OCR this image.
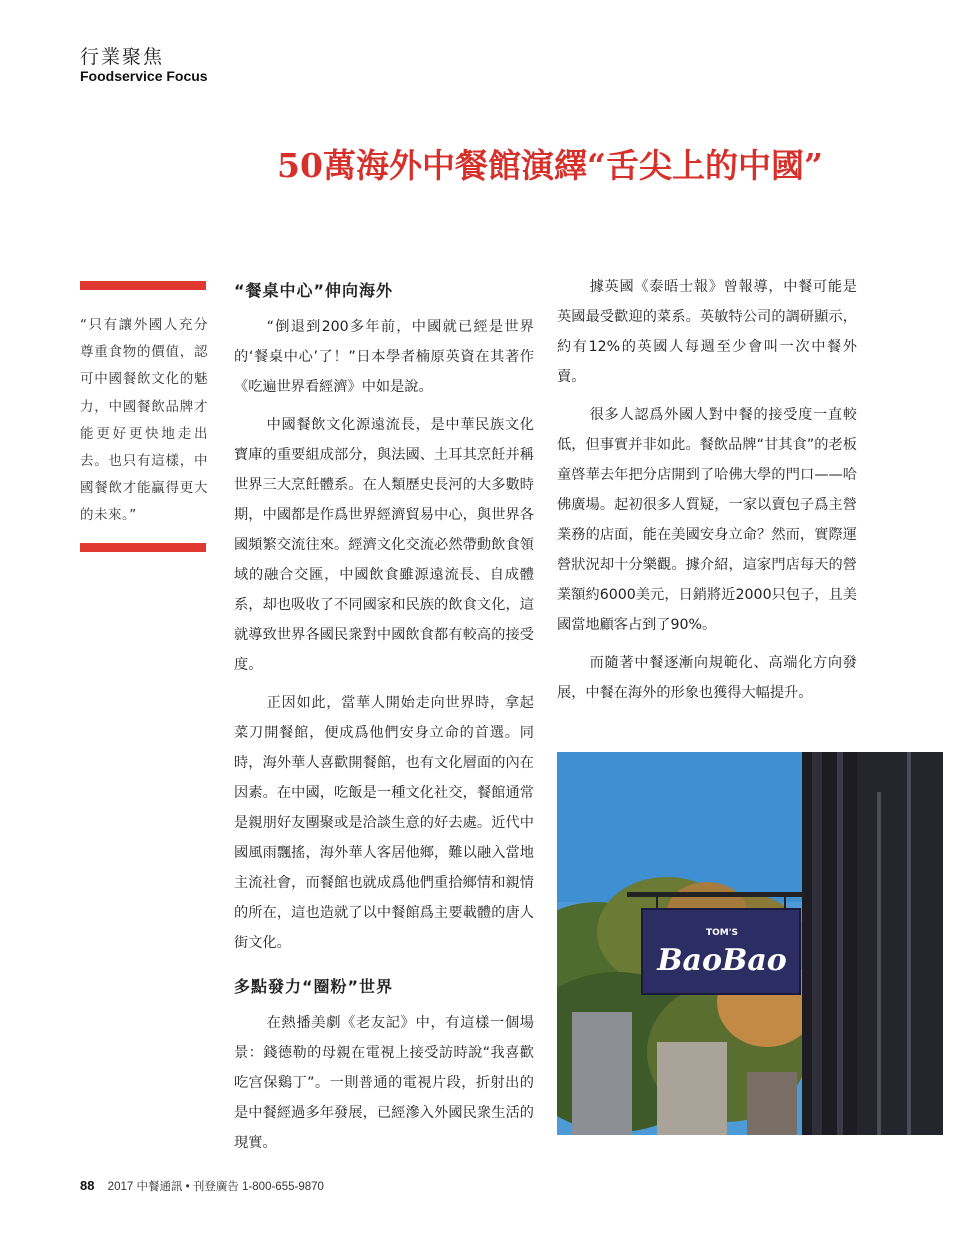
行業聚焦
Foodservice Focus
50萬海外中餐館演繹“舌尖上的中國”
“只有讓外國人充分尊重食物的價值，認可中國餐飲文化的魅力，中國餐飲品牌才能更好更快地走出去。也只有這樣，中國餐飲才能贏得更大的未來。”

“餐桌中心”伸向海外

“倒退到200多年前，中國就已經是世界的‘餐桌中心’了！”日本學者楠原英資在其著作《吃遍世界看經濟》中如是說。

中國餐飲文化源遠流長，是中華民族文化寶庫的重要組成部分，與法國、土耳其烹飪并稱世界三大烹飪體系。在人類歷史長河的大多數時期，中國都是作爲世界經濟貿易中心，與世界各國頻繁交流往來。經濟文化交流必然帶動飲食領域的融合交匯，中國飲食雖源遠流長、自成體系，却也吸收了不同國家和民族的飲食文化，這就導致世界各國民衆對中國飲食都有較高的接受度。

正因如此，當華人開始走向世界時，拿起菜刀開餐館，便成爲他們安身立命的首選。同時，海外華人喜歡開餐館，也有文化層面的內在因素。在中國，吃飯是一種文化社交，餐館通常是親朋好友團聚或是洽談生意的好去處。近代中國風雨飄搖，海外華人客居他鄉，難以融入當地主流社會，而餐館也就成爲他們重拾鄉情和親情的所在，這也造就了以中餐館爲主要載體的唐人街文化。

多點發力“圈粉”世界

在熱播美劇《老友記》中，有這樣一個場景：錢德勒的母親在電視上接受訪時說“我喜歡吃宫保鷄丁”。一則普通的電視片段，折射出的是中餐經過多年發展，已經滲入外國民衆生活的現實。

據英國《泰晤士報》曾報導，中餐可能是英國最受歡迎的菜系。英敏特公司的調研顯示，約有12%的英國人每週至少會叫一次中餐外賣。

很多人認爲外國人對中餐的接受度一直較低，但事實并非如此。餐飲品牌“甘其食”的老板童啓華去年把分店開到了哈佛大學的門口——哈佛廣場。起初很多人質疑，一家以賣包子爲主營業務的店面，能在美國安身立命？然而，實際運營狀況却十分樂觀。據介紹，這家門店每天的營業額約6000美元，日銷將近2000只包子，且美國當地顧客占到了90%。

而隨著中餐逐漸向規範化、高端化方向發展，中餐在海外的形象也獲得大幅提升。

TOM'S
BaoBao
88 2017 中餐通訊 • 刊登廣告 1-800-655-9870
